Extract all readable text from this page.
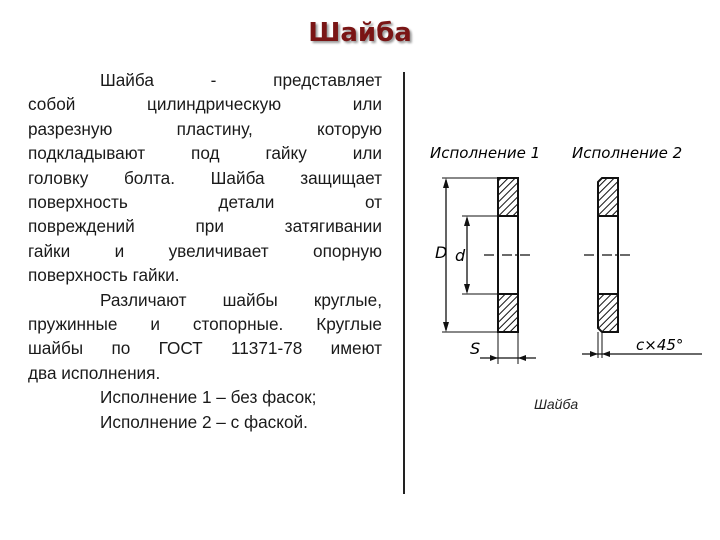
Шайба

Шайба - представляет

собой цилиндрическую или

разрезную пластину, которую

подкладывают под гайку или

головку болта. Шайба защищает

поверхность детали от

повреждений при затягивании

гайки и увеличивает опорную

поверхность гайки.

Различают шайбы круглые,

пружинные и стопорные. Круглые

шайбы по ГОСТ 11371-78 имеют

два исполнения.

Исполнение 1 – без фасок;

Исполнение 2 – с фаской.

Исполнение 1 Исполнение 2
D d
S	c×45°
Шайба
